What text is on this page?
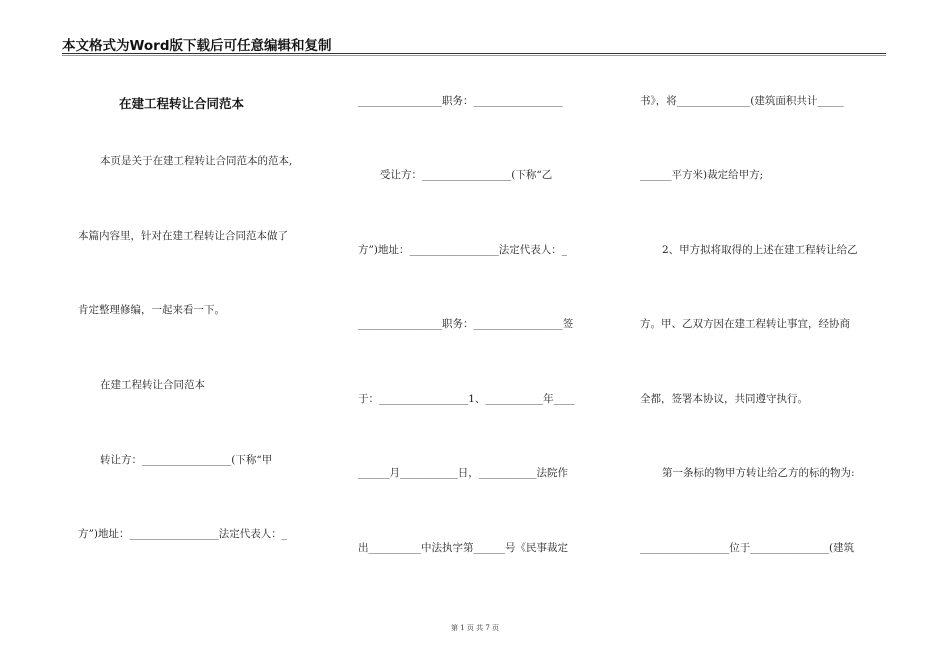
本文格式为Word版下载后可任意编辑和复制
在建工程转让合同范本
本页是关于在建工程转让合同范本的范本,
本篇内容里，针对在建工程转让合同范本做了
肯定整理修编，一起来看一下。
在建工程转让合同范本
转让方：_________________(下称“甲
方”)地址：_________________法定代表人：_
________________职务：_________________
受让方：_________________(下称“乙
方”)地址：_________________法定代表人：_
________________职务：_________________签
于：_________________1、___________年____
______月___________日，___________法院作
出__________中法执字第______号《民事裁定
书》，将______________(建筑面积共计_____
______平方米)裁定给甲方;
2、甲方拟将取得的上述在建工程转让给乙
方。甲、乙双方因在建工程转让事宜，经协商
全都，签署本协议，共同遵守执行。
第一条标的物甲方转让给乙方的标的物为:
_________________位于_______________(建筑
第 1 页 共 7 页
